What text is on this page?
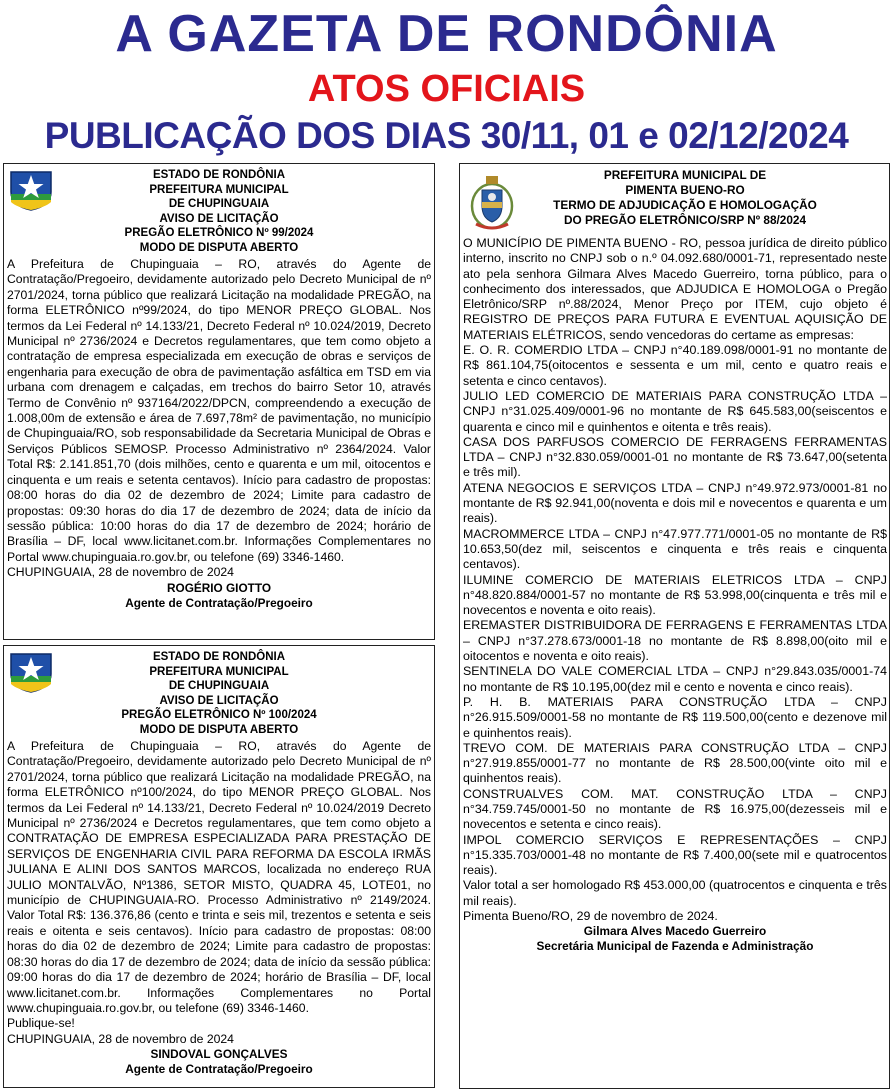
A GAZETA DE RONDÔNIA
ATOS OFICIAIS
PUBLICAÇÃO DOS DIAS 30/11, 01 e 02/12/2024
ESTADO DE RONDÔNIA
PREFEITURA MUNICIPAL
DE CHUPINGUAIA
AVISO DE LICITAÇÃO
PREGÃO ELETRÔNICO Nº 99/2024
MODO DE DISPUTA ABERTO

A Prefeitura de Chupinguaia – RO, através do Agente de Contratação/Pregoeiro, devidamente autorizado pelo Decreto Municipal de nº 2701/2024, torna público que realizará Licitação na modalidade PREGÃO, na forma ELETRÔNICO nº99/2024, do tipo MENOR PREÇO GLOBAL. Nos termos da Lei Federal nº 14.133/21, Decreto Federal nº 10.024/2019, Decreto Municipal nº 2736/2024 e Decretos regulamentares, que tem como objeto a contratação de empresa especializada em execução de obras e serviços de engenharia para execução de obra de pavimentação asfáltica em TSD em via urbana com drenagem e calçadas, em trechos do bairro Setor 10, através Termo de Convênio nº 937164/2022/DPCN, compreendendo a execução de 1.008,00m de extensão e área de 7.697,78m² de pavimentação, no município de Chupinguaia/RO, sob responsabilidade da Secretaria Municipal de Obras e Serviços Públicos SEMOSP. Processo Administrativo nº 2364/2024. Valor Total R$: 2.141.851,70 (dois milhões, cento e quarenta e um mil, oitocentos e cinquenta e um reais e setenta centavos). Início para cadastro de propostas: 08:00 horas do dia 02 de dezembro de 2024; Limite para cadastro de propostas: 09:30 horas do dia 17 de dezembro de 2024; data de início da sessão pública: 10:00 horas do dia 17 de dezembro de 2024; horário de Brasília – DF, local www.licitanet.com.br. Informações Complementares no Portal www.chupinguaia.ro.gov.br, ou telefone (69) 3346-1460.

CHUPINGUAIA, 28 de novembro de 2024

ROGÉRIO GIOTTO
Agente de Contratação/Pregoeiro
ESTADO DE RONDÔNIA
PREFEITURA MUNICIPAL
DE CHUPINGUAIA
AVISO DE LICITAÇÃO
PREGÃO ELETRÔNICO Nº 100/2024
MODO DE DISPUTA ABERTO

A Prefeitura de Chupinguaia – RO, através do Agente de Contratação/Pregoeiro, devidamente autorizado pelo Decreto Municipal de nº 2701/2024, torna público que realizará Licitação na modalidade PREGÃO, na forma ELETRÔNICO nº100/2024, do tipo MENOR PREÇO GLOBAL. Nos termos da Lei Federal nº 14.133/21, Decreto Federal nº 10.024/2019 Decreto Municipal nº 2736/2024 e Decretos regulamentares, que tem como objeto a CONTRATAÇÃO DE EMPRESA ESPECIALIZADA PARA PRESTAÇÃO DE SERVIÇOS DE ENGENHARIA CIVIL PARA REFORMA DA ESCOLA IRMÃS JULIANA E ALINI DOS SANTOS MARCOS, localizada no endereço RUA JULIO MONTALVÃO, Nº1386, SETOR MISTO, QUADRA 45, LOTE01, no município de CHUPINGUAIA-RO. Processo Administrativo nº 2149/2024. Valor Total R$: 136.376,86 (cento e trinta e seis mil, trezentos e setenta e seis reais e oitenta e seis centavos). Início para cadastro de propostas: 08:00 horas do dia 02 de dezembro de 2024; Limite para cadastro de propostas: 08:30 horas do dia 17 de dezembro de 2024; data de início da sessão pública: 09:00 horas do dia 17 de dezembro de 2024; horário de Brasília – DF, local www.licitanet.com.br. Informações Complementares no Portal www.chupinguaia.ro.gov.br, ou telefone (69) 3346-1460.

Publique-se!

CHUPINGUAIA, 28 de novembro de 2024

SINDOVAL GONÇALVES
Agente de Contratação/Pregoeiro
PREFEITURA MUNICIPAL DE
PIMENTA BUENO-RO
TERMO DE ADJUDICAÇÃO E HOMOLOGAÇÃO
DO PREGÃO ELETRÔNICO/SRP Nº 88/2024

O MUNICÍPIO DE PIMENTA BUENO - RO, pessoa jurídica de direito público interno, inscrito no CNPJ sob o n.º 04.092.680/0001-71, representado neste ato pela senhora Gilmara Alves Macedo Guerreiro, torna público, para o conhecimento dos interessados, que ADJUDICA E HOMOLOGA o Pregão Eletrônico/SRP nº.88/2024, Menor Preço por ITEM, cujo objeto é REGISTRO DE PREÇOS PARA FUTURA E EVENTUAL AQUISIÇÃO DE MATERIAIS ELÉTRICOS, sendo vencedoras do certame as empresas:

E. O. R. COMERDIO LTDA – CNPJ n°40.189.098/0001-91 no montante de R$ 861.104,75(oitocentos e sessenta e um mil, cento e quatro reais e setenta e cinco centavos).

JULIO LED COMERCIO DE MATERIAIS PARA CONSTRUÇÃO LTDA – CNPJ n°31.025.409/0001-96 no montante de R$ 645.583,00(seiscentos e quarenta e cinco mil e quinhentos e oitenta e três reais).

CASA DOS PARFUSOS COMERCIO DE FERRAGENS FERRAMENTAS LTDA – CNPJ n°32.830.059/0001-01 no montante de R$ 73.647,00(setenta e três mil).

ATENA NEGOCIOS E SERVIÇOS LTDA – CNPJ n°49.972.973/0001-81 no montante de R$ 92.941,00(noventa e dois mil e novecentos e quarenta e um reais).

MACROMMERCE LTDA – CNPJ n°47.977.771/0001-05 no montante de R$ 10.653,50(dez mil, seiscentos e cinquenta e três reais e cinquenta centavos).

ILUMINE COMERCIO DE MATERIAIS ELETRICOS LTDA – CNPJ n°48.820.884/0001-57 no montante de R$ 53.998,00(cinquenta e três mil e novecentos e noventa e oito reais).

EREMASTER DISTRIBUIDORA DE FERRAGENS E FERRAMENTAS LTDA – CNPJ n°37.278.673/0001-18 no montante de R$ 8.898,00(oito mil e oitocentos e noventa e oito reais).

SENTINELA DO VALE COMERCIAL LTDA – CNPJ n°29.843.035/0001-74 no montante de R$ 10.195,00(dez mil e cento e noventa e cinco reais).

P. H. B. MATERIAIS PARA CONSTRUÇÃO LTDA – CNPJ n°26.915.509/0001-58 no montante de R$ 119.500,00(cento e dezenove mil e quinhentos reais).

TREVO COM. DE MATERIAIS PARA CONSTRUÇÃO LTDA – CNPJ n°27.919.855/0001-77 no montante de R$ 28.500,00(vinte oito mil e quinhentos reais).

CONSTRUALVES COM. MAT. CONSTRUÇÃO LTDA – CNPJ n°34.759.745/0001-50 no montante de R$ 16.975,00(dezesseis mil e novecentos e setenta e cinco reais).

IMPOL COMERCIO SERVIÇOS E REPRESENTAÇÕES – CNPJ n°15.335.703/0001-48 no montante de R$ 7.400,00(sete mil e quatrocentos reais).

Valor total a ser homologado R$ 453.000,00 (quatrocentos e cinquenta e três mil reais).

Pimenta Bueno/RO, 29 de novembro de 2024.

Gilmara Alves Macedo Guerreiro
Secretária Municipal de Fazenda e Administração
